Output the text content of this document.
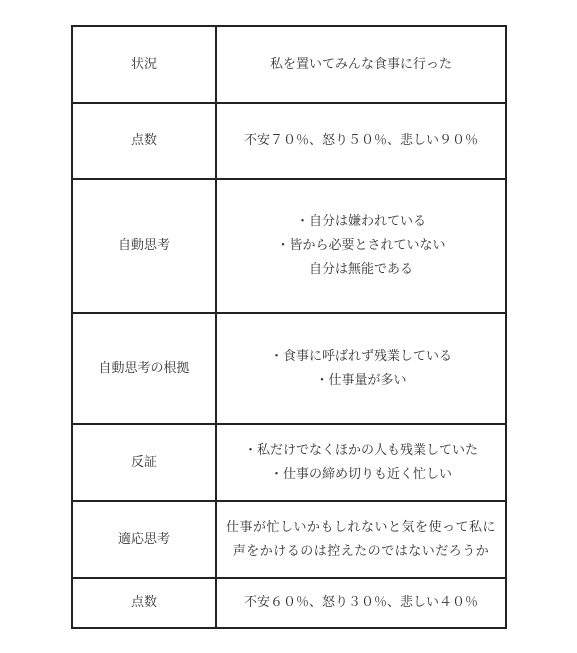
状況	私を置いてみんな食事に行った

点数	不安７０％、怒り５０％、悲しい９０％

自動思考	・自分は嫌われている
・皆から必要とされていない
自分は無能である

自動思考の根拠	・食事に呼ばれず残業している
・仕事量が多い

反証	・私だけでなくほかの人も残業していた
・仕事の締め切りも近く忙しい

適応思考	仕事が忙しいかもしれないと気を使って私に声をかけるのは控えたのではないだろうか
点数	不安６０％、怒り３０％、悲しい４０％
